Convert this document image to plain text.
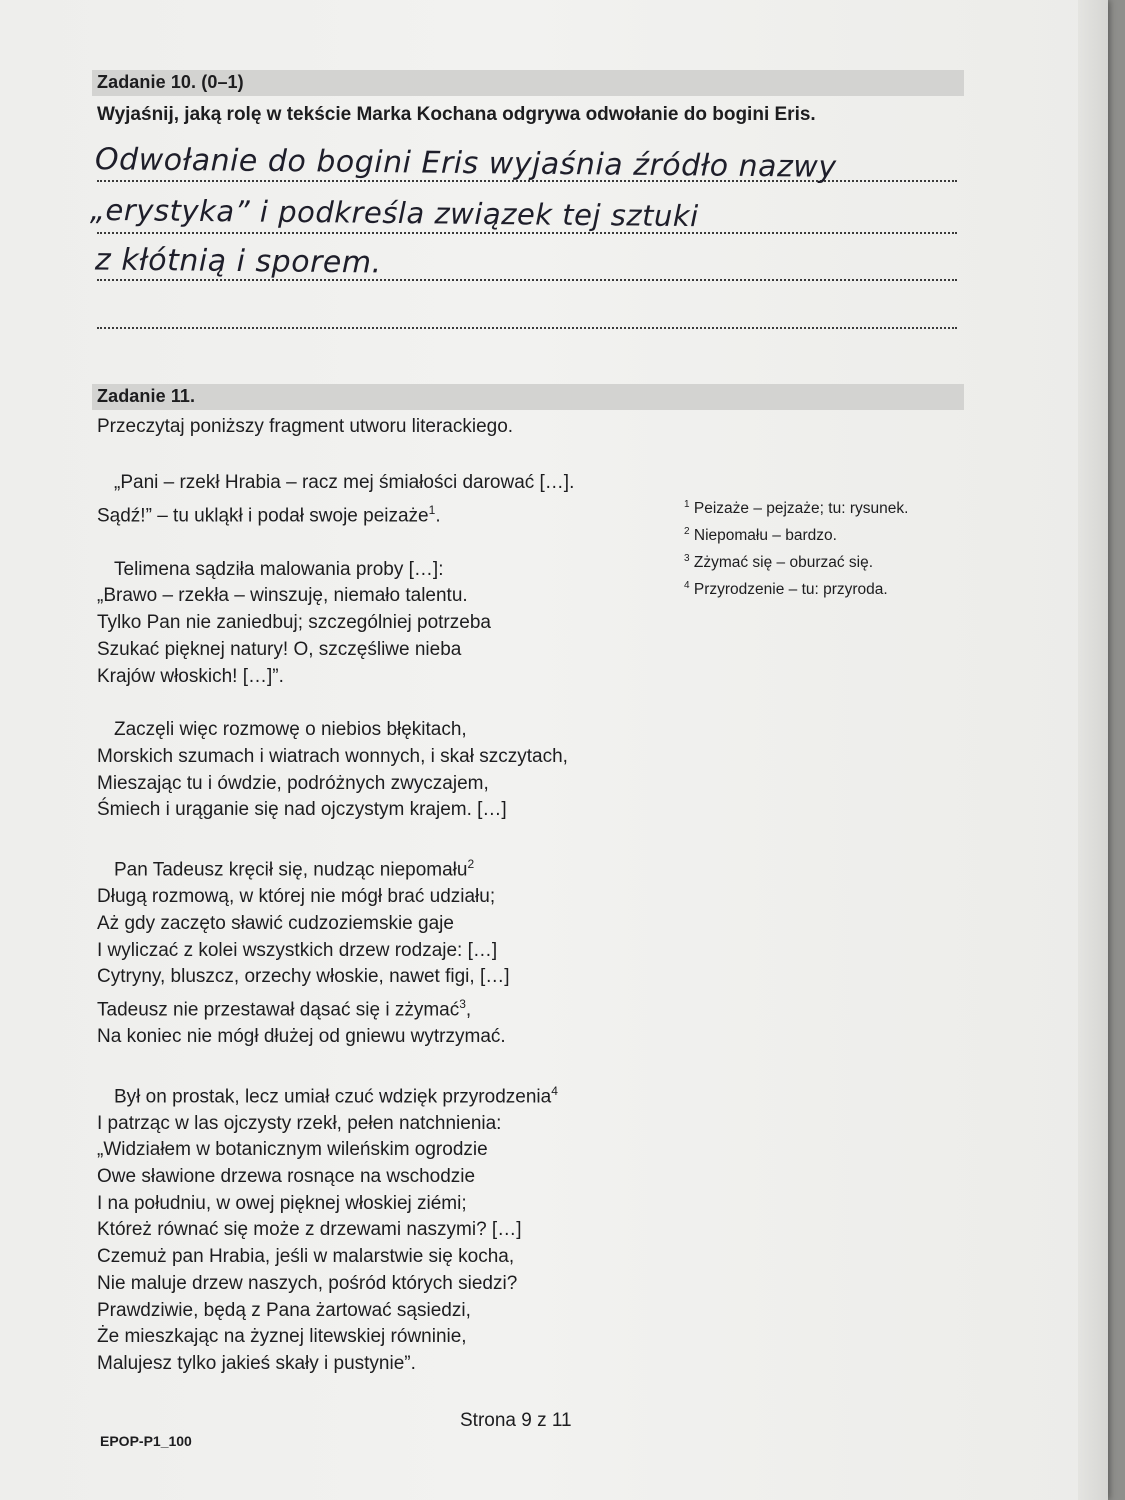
Zadanie 10. (0–1)
Wyjaśnij, jaką rolę w tekście Marka Kochana odgrywa odwołanie do bogini Eris.
Odwołanie do bogini Eris wyjaśnia źródło nazwy
„erystyka” i podkreśla związek tej sztuki
z kłótnią i sporem.
Zadanie 11.
Przeczytaj poniższy fragment utworu literackiego.
„Pani – rzekł Hrabia – racz mej śmiałości darować […].
Sądź!” – tu ukląkł i podał swoje peizaże$^1$.
Telimena sądziła malowania proby […]:
„Brawo – rzekła – winszuję, niemało talentu.
Tylko Pan nie zaniedbuj; szczególniej potrzeba
Szukać pięknej natury! O, szczęśliwe nieba
Krajów włoskich! […]”.
Zaczęli więc rozmowę o niebios błękitach,
Morskich szumach i wiatrach wonnych, i skał szczytach,
Mieszając tu i ówdzie, podróżnych zwyczajem,
Śmiech i urąganie się nad ojczystym krajem. […]
Pan Tadeusz kręcił się, nudząc niepomału$^2$
Długą rozmową, w której nie mógł brać udziału;
Aż gdy zaczęto sławić cudzoziemskie gaje
I wyliczać z kolei wszystkich drzew rodzaje: […]
Cytryny, bluszcz, orzechy włoskie, nawet figi, […]
Tadeusz nie przestawał dąsać się i zżymać$^3$,
Na koniec nie mógł dłużej od gniewu wytrzymać.
Był on prostak, lecz umiał czuć wdzięk przyrodzenia$^4$
I patrząc w las ojczysty rzekł, pełen natchnienia:
„Widziałem w botanicznym wileńskim ogrodzie
Owe sławione drzewa rosnące na wschodzie
I na południu, w owej pięknej włoskiej ziémi;
Któreż równać się może z drzewami naszymi? […]
Czemuż pan Hrabia, jeśli w malarstwie się kocha,
Nie maluje drzew naszych, pośród których siedzi?
Prawdziwie, będą z Pana żartować sąsiedzi,
Że mieszkając na żyznej litewskiej równinie,
Malujesz tylko jakieś skały i pustynie”.
$^1$ Peizaże – pejzaże; tu: rysunek.
$^2$ Niepomału – bardzo.
$^3$ Zżymać się – oburzać się.
$^4$ Przyrodzenie – tu: przyroda.
Strona 9 z 11
EPOP-P1_100
